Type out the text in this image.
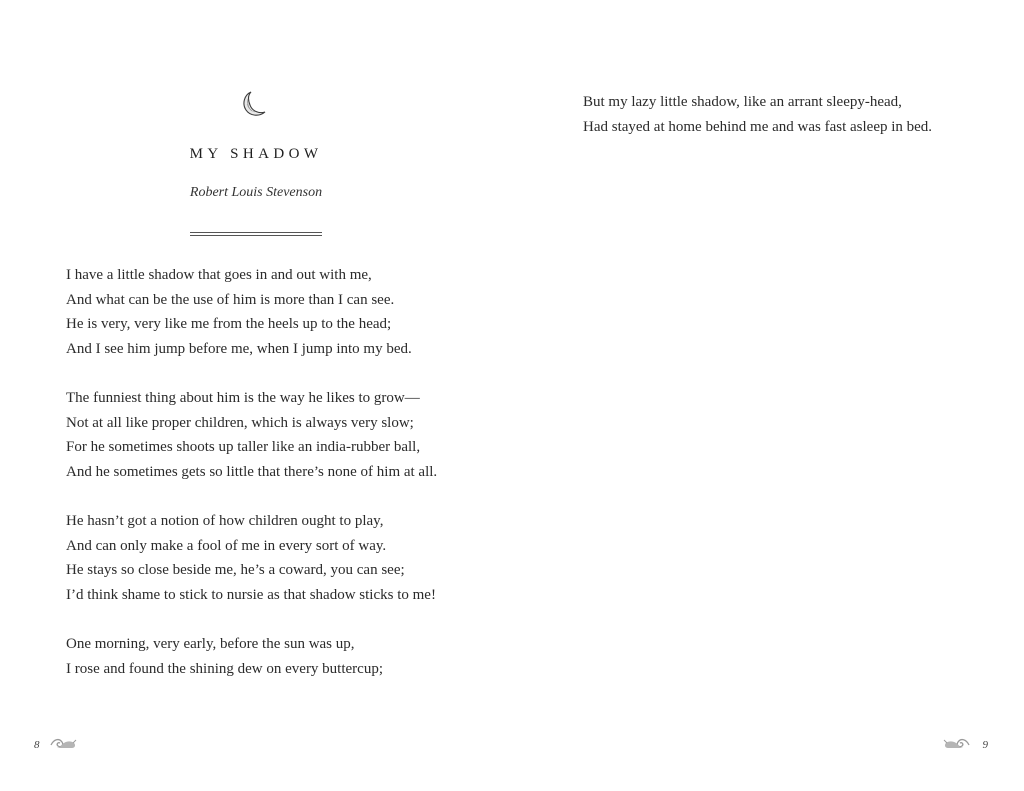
MY SHADOW
Robert Louis Stevenson
I have a little shadow that goes in and out with me,
And what can be the use of him is more than I can see.
He is very, very like me from the heels up to the head;
And I see him jump before me, when I jump into my bed.
The funniest thing about him is the way he likes to grow—
Not at all like proper children, which is always very slow;
For he sometimes shoots up taller like an india-rubber ball,
And he sometimes gets so little that there’s none of him at all.
He hasn’t got a notion of how children ought to play,
And can only make a fool of me in every sort of way.
He stays so close beside me, he’s a coward, you can see;
I’d think shame to stick to nursie as that shadow sticks to me!
One morning, very early, before the sun was up,
I rose and found the shining dew on every buttercup;
8
But my lazy little shadow, like an arrant sleepy-head,
Had stayed at home behind me and was fast asleep in bed.
9
